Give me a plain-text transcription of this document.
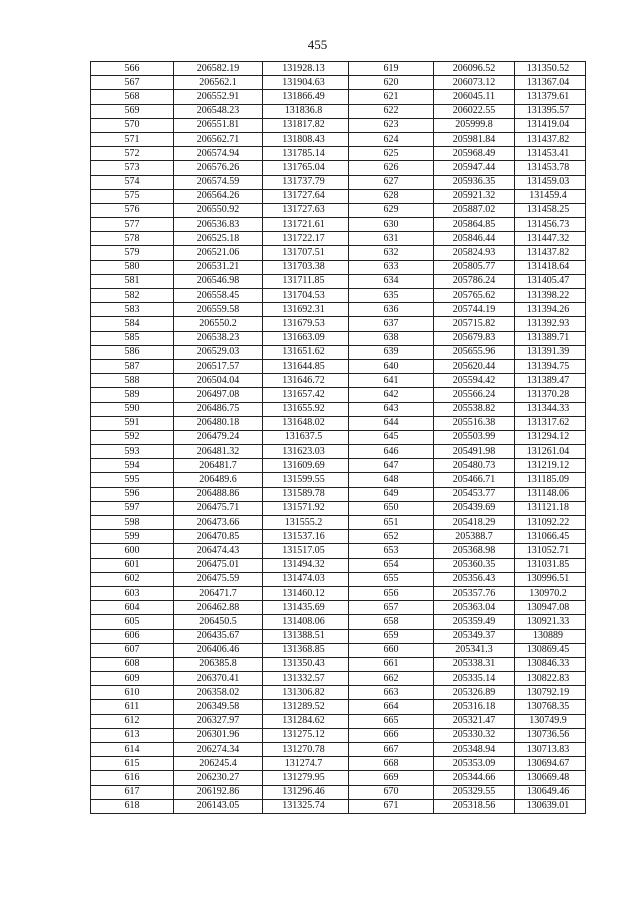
455
566	206582.19	131928.13	619	206096.52	131350.52
567	206562.1	131904.63	620	206073.12	131367.04
568	206552.91	131866.49	621	206045.11	131379.61
569	206548.23	131836.8	622	206022.55	131395.57
570	206551.81	131817.82	623	205999.8	131419.04
571	206562.71	131808.43	624	205981.84	131437.82
572	206574.94	131785.14	625	205968.49	131453.41
573	206576.26	131765.04	626	205947.44	131453.78
574	206574.59	131737.79	627	205936.35	131459.03
575	206564.26	131727.64	628	205921.32	131459.4
576	206550.92	131727.63	629	205887.02	131458.25
577	206536.83	131721.61	630	205864.85	131456.73
578	206525.18	131722.17	631	205846.44	131447.32
579	206521.06	131707.51	632	205824.93	131437.82
580	206531.21	131703.38	633	205805.77	131418.64
581	206546.98	131711.85	634	205786.24	131405.47
582	206558.45	131704.53	635	205765.62	131398.22
583	206559.58	131692.31	636	205744.19	131394.26
584	206550.2	131679.53	637	205715.82	131392.93
585	206538.23	131663.09	638	205679.83	131389.71
586	206529.03	131651.62	639	205655.96	131391.39
587	206517.57	131644.85	640	205620.44	131394.75
588	206504.04	131646.72	641	205594.42	131389.47
589	206497.08	131657.42	642	205566.24	131370.28
590	206486.75	131655.92	643	205538.82	131344.33
591	206480.18	131648.02	644	205516.38	131317.62
592	206479.24	131637.5	645	205503.99	131294.12
593	206481.32	131623.03	646	205491.98	131261.04
594	206481.7	131609.69	647	205480.73	131219.12
595	206489.6	131599.55	648	205466.71	131185.09
596	206488.86	131589.78	649	205453.77	131148.06
597	206475.71	131571.92	650	205439.69	131121.18
598	206473.66	131555.2	651	205418.29	131092.22
599	206470.85	131537.16	652	205388.7	131066.45
600	206474.43	131517.05	653	205368.98	131052.71
601	206475.01	131494.32	654	205360.35	131031.85
602	206475.59	131474.03	655	205356.43	130996.51
603	206471.7	131460.12	656	205357.76	130970.2
604	206462.88	131435.69	657	205363.04	130947.08
605	206450.5	131408.06	658	205359.49	130921.33
606	206435.67	131388.51	659	205349.37	130889
607	206406.46	131368.85	660	205341.3	130869.45
608	206385.8	131350.43	661	205338.31	130846.33
609	206370.41	131332.57	662	205335.14	130822.83
610	206358.02	131306.82	663	205326.89	130792.19
611	206349.58	131289.52	664	205316.18	130768.35
612	206327.97	131284.62	665	205321.47	130749.9
613	206301.96	131275.12	666	205330.32	130736.56
614	206274.34	131270.78	667	205348.94	130713.83
615	206245.4	131274.7	668	205353.09	130694.67
616	206230.27	131279.95	669	205344.66	130669.48
617	206192.86	131296.46	670	205329.55	130649.46
618	206143.05	131325.74	671	205318.56	130639.01
